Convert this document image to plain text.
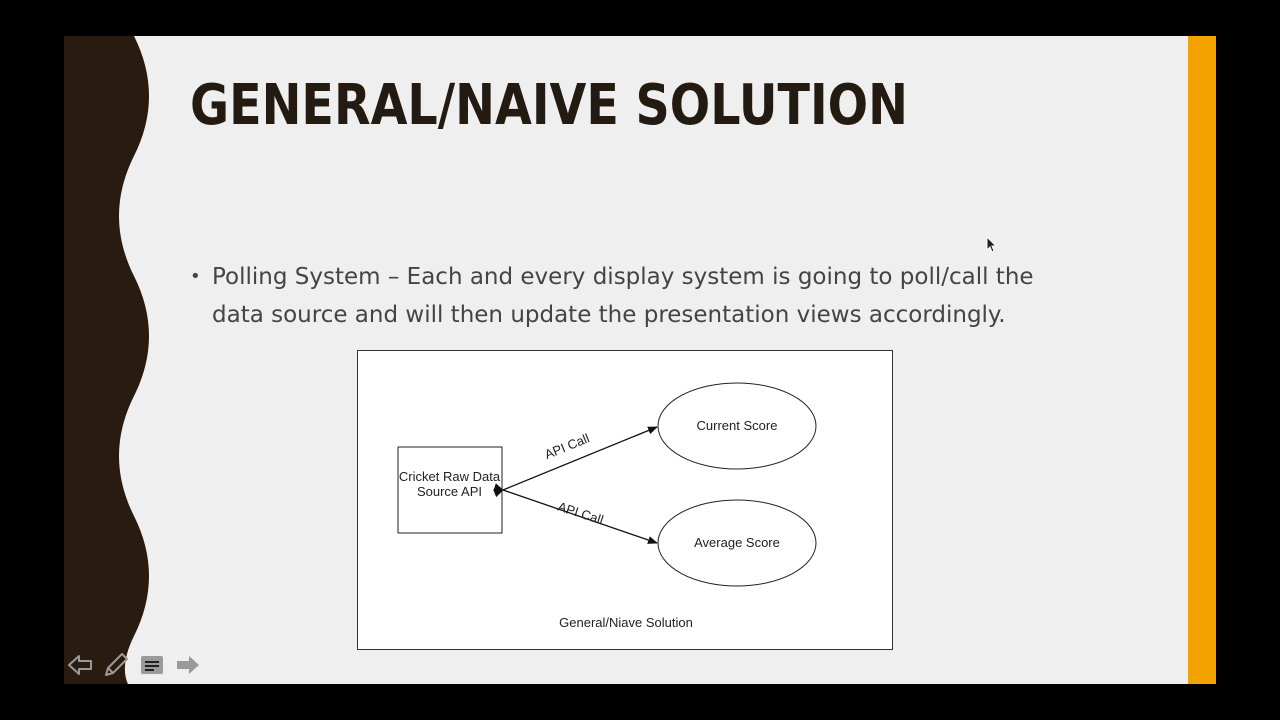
GENERAL/NAIVE SOLUTION
• Polling System – Each and every display system is going to poll/call the data source and will then update the presentation views accordingly.
Cricket Raw Data Source API
Current Score
Average Score
API Call
API Call
General/Niave Solution
